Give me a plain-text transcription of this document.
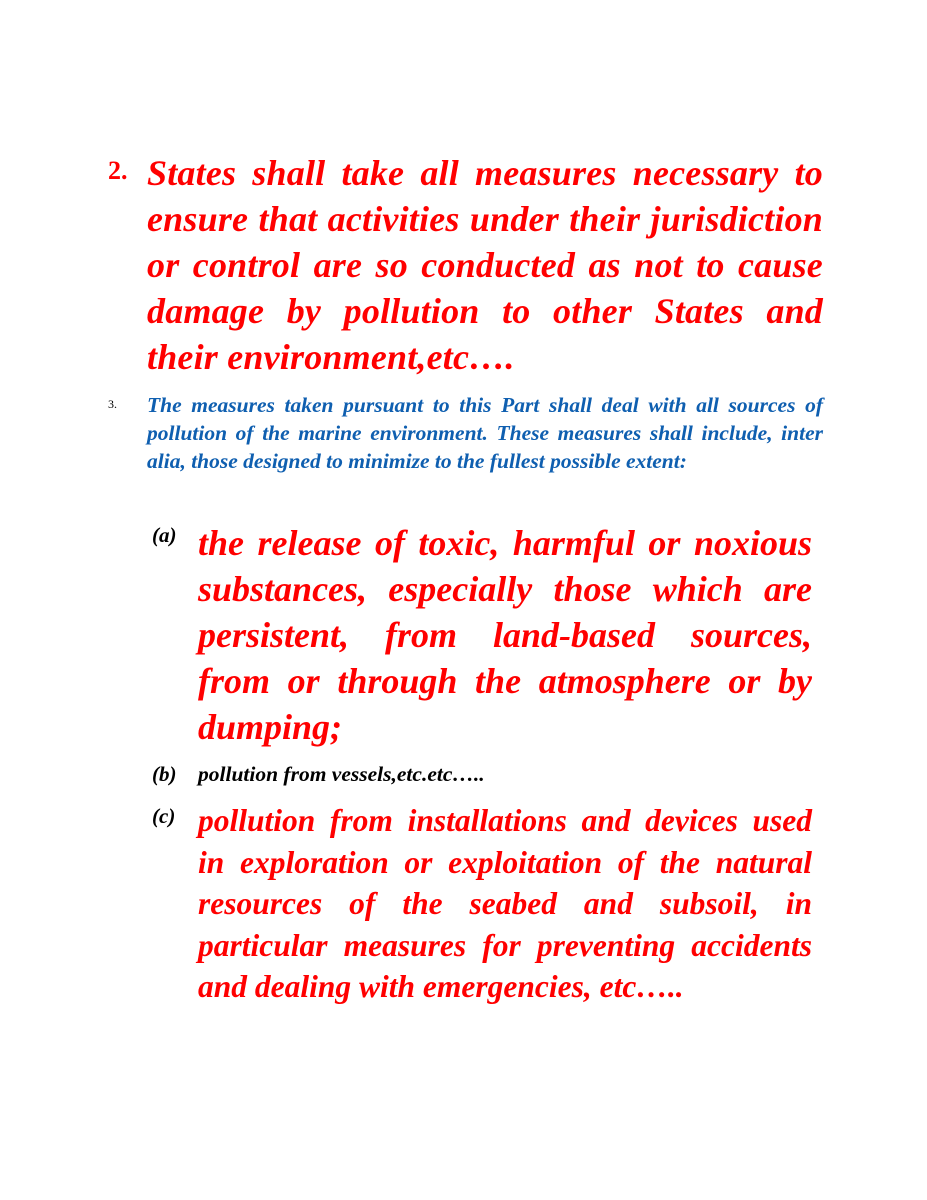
2. States shall take all measures necessary to ensure that activities under their jurisdiction or control are so conducted as not to cause damage by pollution to other States and their environment,etc….

3. The measures taken pursuant to this Part shall deal with all sources of pollution of the marine environment. These measures shall include, inter alia, those designed to minimize to the fullest possible extent:

(a) the release of toxic, harmful or noxious substances, especially those which are persistent, from land-based sources, from or through the atmosphere or by dumping;

(b) pollution from vessels,etc.etc…..

(c) pollution from installations and devices used in exploration or exploitation of the natural resources of the seabed and subsoil, in particular measures for preventing accidents and dealing with emergencies, etc…..
